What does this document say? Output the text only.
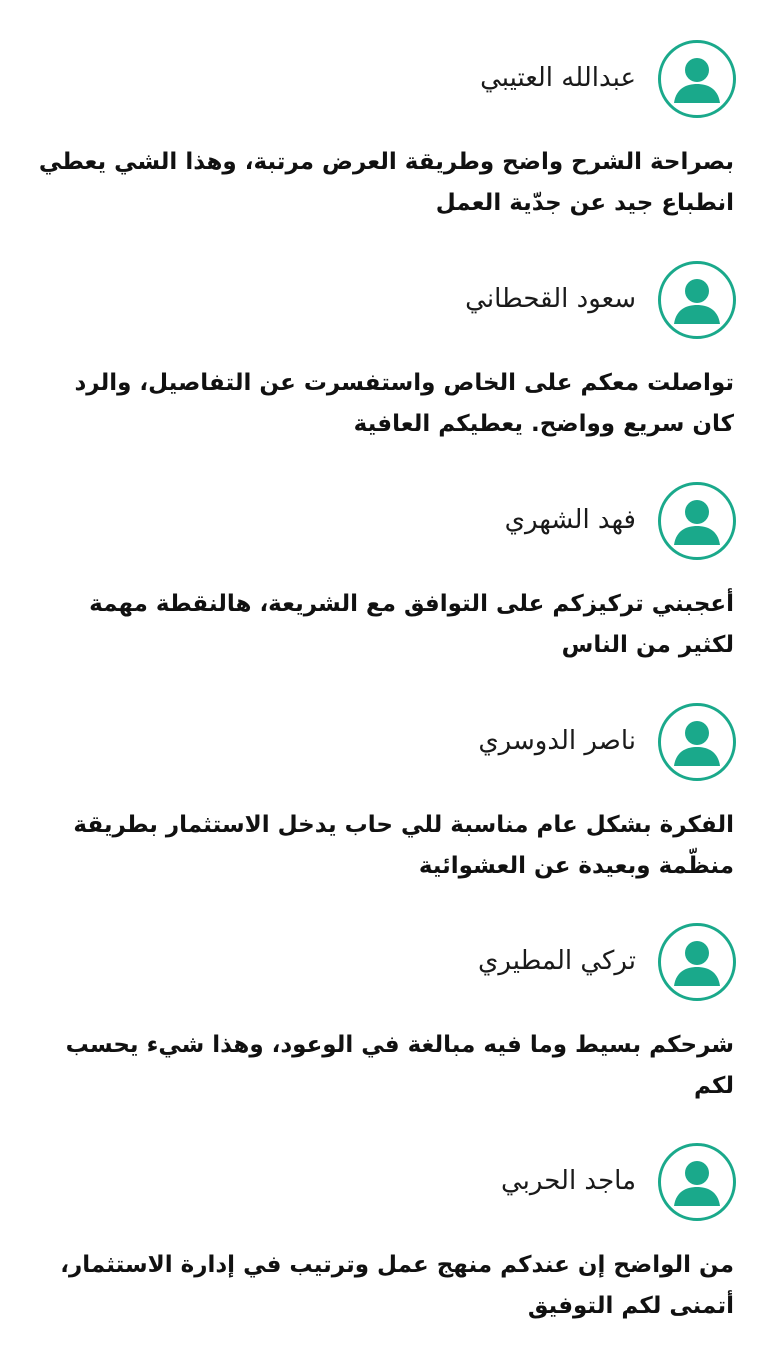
عبدالله العتيبي
بصراحة الشرح واضح وطريقة العرض مرتبة، وهذا الشي يعطي انطباع جيد عن جدّية العمل
سعود القحطاني
تواصلت معكم على الخاص واستفسرت عن التفاصيل، والرد كان سريع وواضح. يعطيكم العافية
فهد الشهري
أعجبني تركيزكم على التوافق مع الشريعة، هالنقطة مهمة لكثير من الناس
ناصر الدوسري
الفكرة بشكل عام مناسبة للي حاب يدخل الاستثمار بطريقة منظّمة وبعيدة عن العشوائية
تركي المطيري
شرحكم بسيط وما فيه مبالغة في الوعود، وهذا شيء يحسب لكم
ماجد الحربي
من الواضح إن عندكم منهج عمل وترتيب في إدارة الاستثمار، أتمنى لكم التوفيق
